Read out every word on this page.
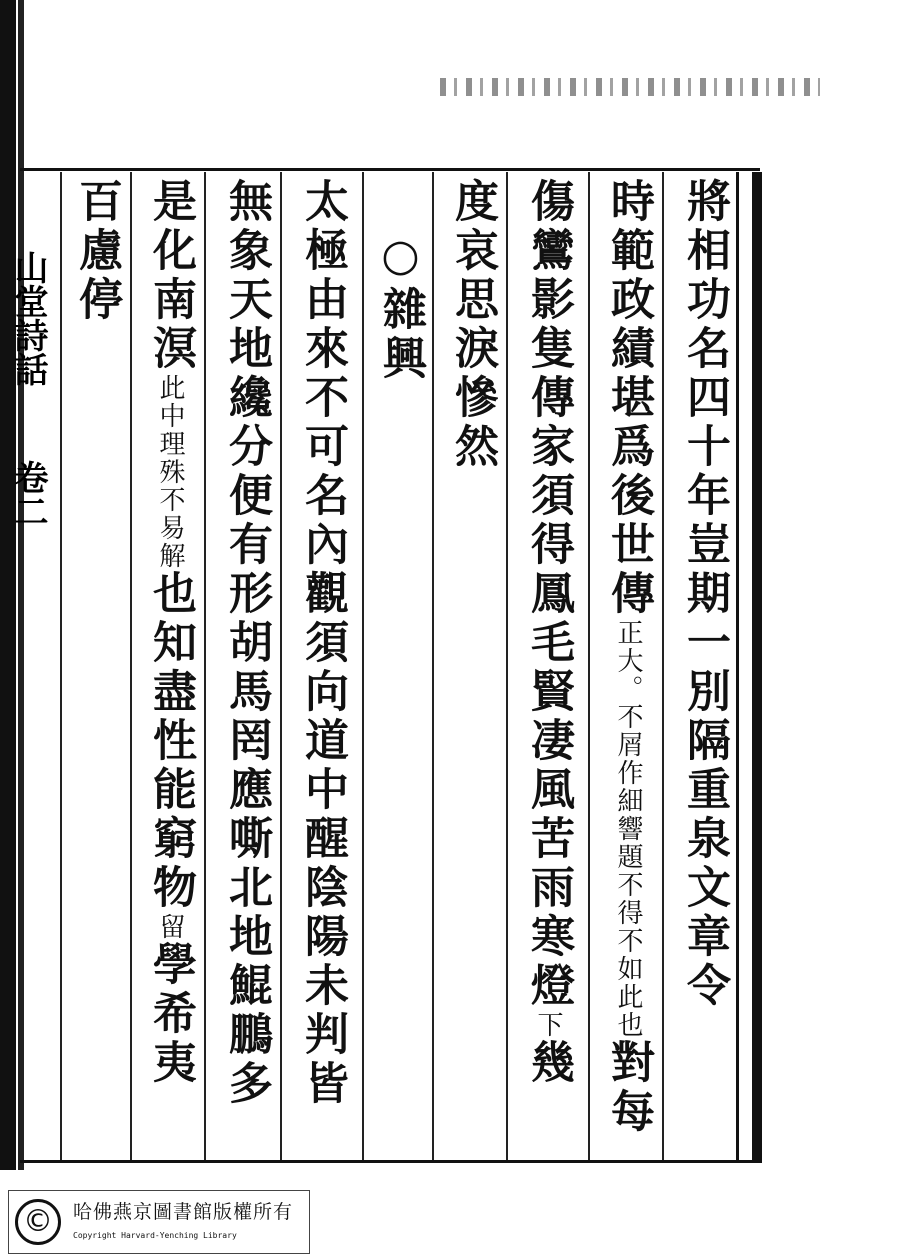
山堂詩話
卷二	將相功名四十年豈期一別隔重泉文章令
時範政績堪爲後世傳正大。不屑作細響題不得不如此也對每
傷鸞影隻傳家須得鳳毛賢凄風苦雨寒燈下幾
度哀思淚慘然
○雜興
太極由來不可名內觀須向道中醒陰陽未判皆
無象天地纔分便有形胡馬罔應嘶北地鯤鵬多
是化南溟此中理殊不易解也知盡性能窮物留學希夷
百慮停
©	哈佛燕京圖書館版權所有
Copyright Harvard-Yenching Library
